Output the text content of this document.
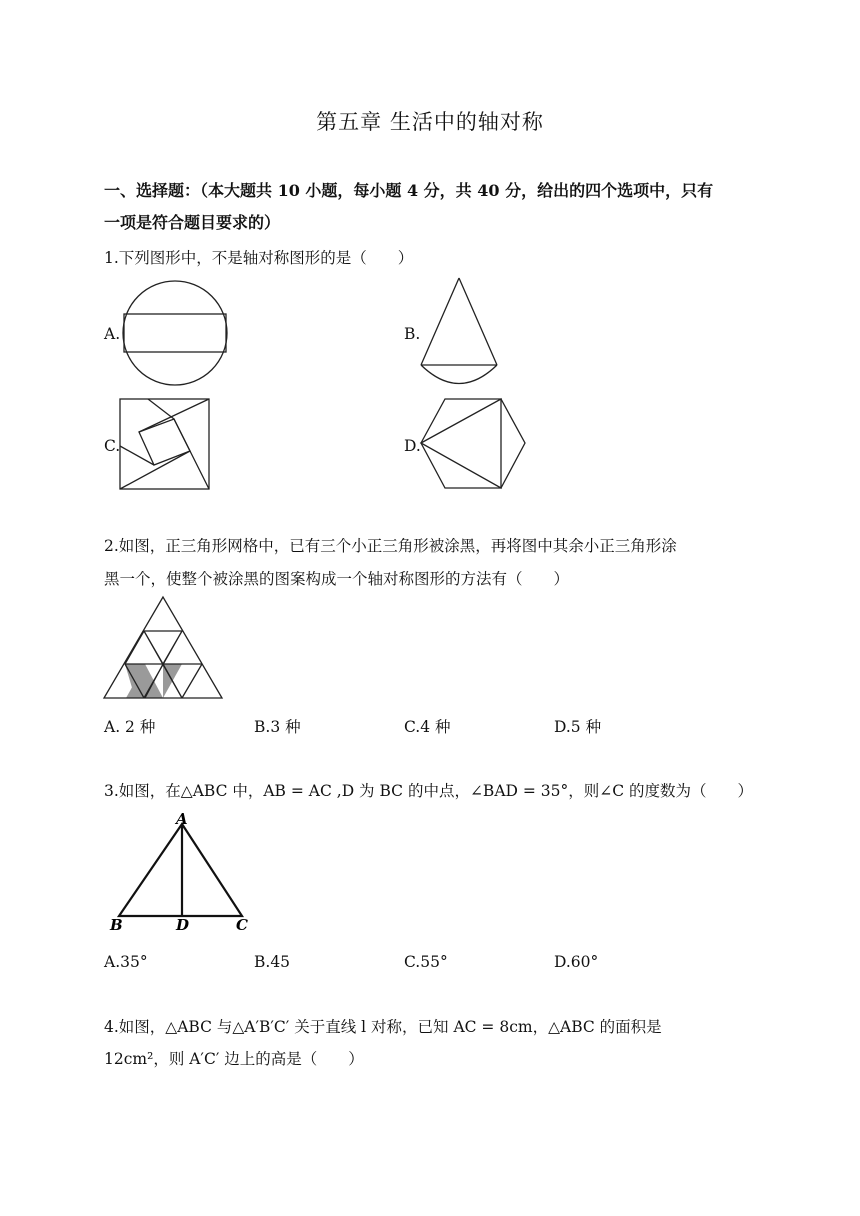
第五章 生活中的轴对称
一、选择题：（本大题共 10 小题，每小题 4 分，共 40 分，给出的四个选项中，只有
一项是符合题目要求的）
1.下列图形中，不是轴对称图形的是（　　）
A.	B.
C.	D.
2.如图，正三角形网格中，已有三个小正三角形被涂黑，再将图中其余小正三角形涂
黑一个，使整个被涂黑的图案构成一个轴对称图形的方法有（　　）
A. 2 种	B.3 种	C.4 种	D.5 种
3.如图，在△ABC 中，AB = AC ,D 为 BC 的中点，∠BAD = 35°，则∠C 的度数为（　　）
A
B	D	C
A.35°	B.45	C.55°	D.60°
4.如图，△ABC 与△A′B′C′ 关于直线 l 对称，已知 AC = 8cm，△ABC 的面积是
12cm²，则 A′C′ 边上的高是（　　）
